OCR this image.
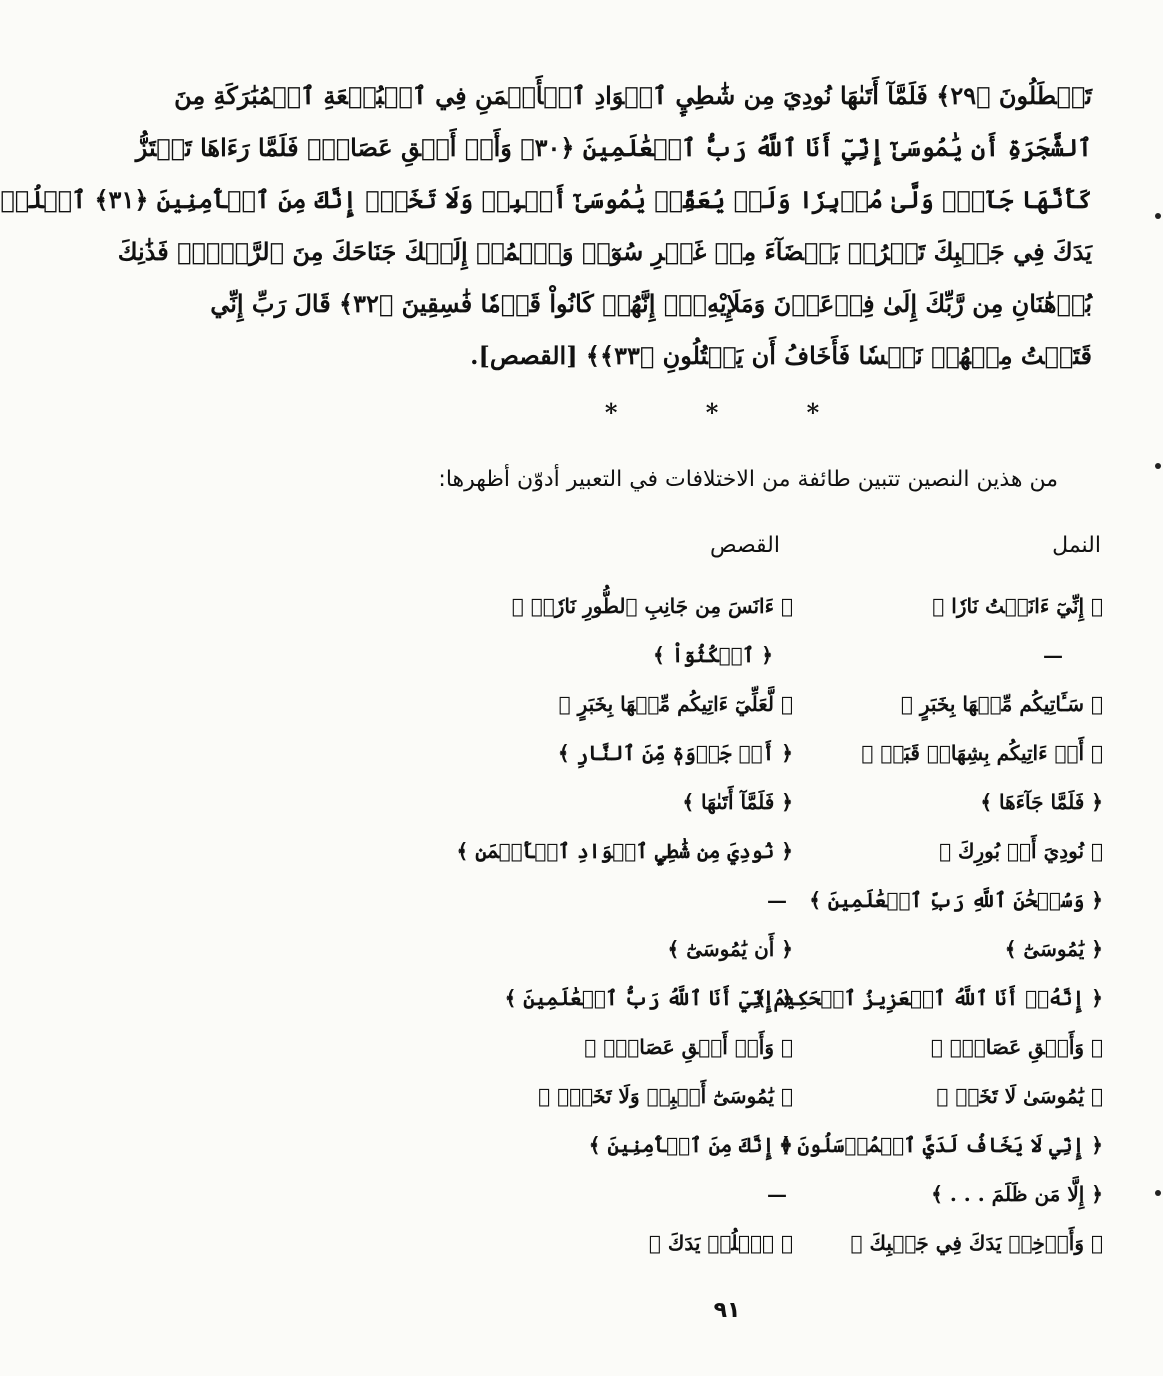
تَصۡطَلُونَ ﴿٢٩﴾ فَلَمَّآ أَتَىٰهَا نُودِيَ مِن شَٰطِيِٕ ٱلۡوَادِ ٱلۡأَيۡمَنِ فِي ٱلۡبُقۡعَةِ ٱلۡمُبَٰرَكَةِ مِنَ
ٱلشَّجَرَةِ أَن يَٰمُوسَىٰٓ إِنِّيٓ أَنَا ٱللَّهُ رَبُّ ٱلۡعَٰلَمِينَ ﴿٣٠﴾ وَأَنۡ أَلۡقِ عَصَاكَۖ فَلَمَّا رَءَاهَا تَهۡتَزُّ
كَأَنَّهَا جَآنّٞ وَلَّىٰ مُدۡبِرٗا وَلَمۡ يُعَقِّبۚ يَٰمُوسَىٰٓ أَقۡبِلۡ وَلَا تَخَفۡۖ إِنَّكَ مِنَ ٱلۡأٓمِنِينَ ﴿٣١﴾ ٱسۡلُكۡ
يَدَكَ فِي جَيۡبِكَ تَخۡرُجۡ بَيۡضَآءَ مِنۡ غَيۡرِ سُوٓءٖ وَٱضۡمُمۡ إِلَيۡكَ جَنَاحَكَ مِنَ ٱلرَّهۡبِۖ فَذَٰنِكَ
بُرۡهَٰنَانِ مِن رَّبِّكَ إِلَىٰ فِرۡعَوۡنَ وَمَلَإِيْهِۦٓۚ إِنَّهُمۡ كَانُواْ قَوۡمٗا فَٰسِقِينَ ﴿٣٢﴾ قَالَ رَبِّ إِنِّي
قَتَلۡتُ مِنۡهُمۡ نَفۡسٗا فَأَخَافُ أَن يَقۡتُلُونِ ﴿٣٣﴾﴾ [القصص].
* * *
من هذين النصين تتبين طائفة من الاختلافات في التعبير أدوّن أظهرها:
النمل
القصص
﴿ إِنِّيٓ ءَانَسۡتُ نَارٗا ﴾
﴿ ءَانَسَ مِن جَانِبِ ٱلطُّورِ نَارٗاۖ ﴾
—
﴿ ٱمۡكُثُوٓاْ ﴾
﴿ سَـَٔاتِيكُم مِّنۡهَا بِخَبَرٍ ﴾
﴿ لَّعَلِّيٓ ءَاتِيكُم مِّنۡهَا بِخَبَرٍ ﴾
﴿ أَوۡ ءَاتِيكُم بِشِهَابٖ قَبَسٖ ﴾
﴿ أَوۡ جَذۡوَةٖ مِّنَ ٱلنَّارِ ﴾
﴿ فَلَمَّا جَآءَهَا ﴾
﴿ فَلَمَّآ أَتَىٰهَا ﴾
﴿ نُودِيَ أَنۢ بُورِكَ ﴾
﴿ نُودِيَ مِن شَٰطِيِٕ ٱلۡوَادِ ٱلۡأَيۡمَنِ ﴾
﴿ وَسُبۡحَٰنَ ٱللَّهِ رَبِّ ٱلۡعَٰلَمِينَ ﴾
—
﴿ يَٰمُوسَىٰٓ ﴾
﴿ أَن يَٰمُوسَىٰٓ ﴾
﴿ إِنَّهُۥٓ أَنَا ٱللَّهُ ٱلۡعَزِيزُ ٱلۡحَكِيمُ ﴾
﴿ إِنِّيٓ أَنَا ٱللَّهُ رَبُّ ٱلۡعَٰلَمِينَ ﴾
﴿ وَأَلۡقِ عَصَاكَۚ ﴾
﴿ وَأَنۡ أَلۡقِ عَصَاكَۖ ﴾
﴿ يَٰمُوسَىٰ لَا تَخَفۡ ﴾
﴿ يَٰمُوسَىٰٓ أَقۡبِلۡ وَلَا تَخَفۡۖ ﴾
﴿ إِنِّي لَا يَخَافُ لَدَيَّ ٱلۡمُرۡسَلُونَ ﴾
﴿ إِنَّكَ مِنَ ٱلۡأٓمِنِينَ ﴾
﴿ إِلَّا مَن ظَلَمَ . . . ﴾
—
﴿ وَأَدۡخِلۡ يَدَكَ فِي جَيۡبِكَ ﴾
﴿ ٱسۡلُكۡ يَدَكَ ﴾
٩١
